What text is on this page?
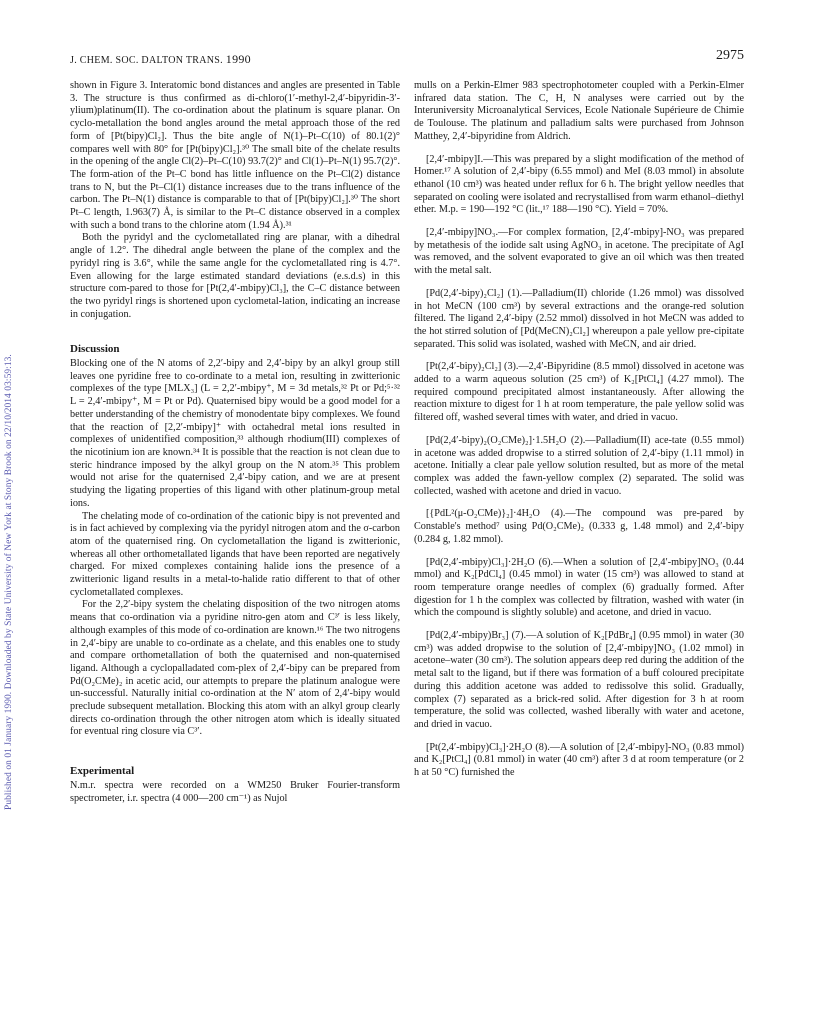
Published on 01 January 1990. Downloaded by State University of New York at Stony Brook on 22/10/2014 03:59:13.
J. CHEM. SOC. DALTON TRANS. 1990	2975

shown in Figure 3. Interatomic bond distances and angles are presented in Table 3. The structure is thus confirmed as di-chloro(1′-methyl-2,4′-bipyridin-3′-ylium)platinum(II). The co-ordination about the platinum is square planar. On cyclo-metallation the bond angles around the metal approach those of the red form of [Pt(bipy)Cl₂]. Thus the bite angle of N(1)–Pt–C(10) of 80.1(2)° compares well with 80° for [Pt(bipy)Cl₂].³⁰ The small bite of the chelate results in the opening of the angle Cl(2)–Pt–C(10) 93.7(2)° and Cl(1)–Pt–N(1) 95.7(2)°. The form-ation of the Pt–C bond has little influence on the Pt–Cl(2) distance trans to N, but the Pt–Cl(1) distance increases due to the trans influence of the carbon. The Pt–N(1) distance is comparable to that of [Pt(bipy)Cl₂].³⁰ The short Pt–C length, 1.963(7) Å, is similar to the Pt–C distance observed in a complex with such a bond trans to the chlorine atom (1.94 Å).³¹

Both the pyridyl and the cyclometallated ring are planar, with a dihedral angle of 1.2°. The dihedral angle between the plane of the complex and the pyridyl ring is 3.6°, while the same angle for the cyclometallated ring is 4.7°. Even allowing for the large estimated standard deviations (e.s.d.s) in this structure com-pared to those for [Pt(2,4′-mbipy)Cl₃], the C–C distance between the two pyridyl rings is shortened upon cyclometal-lation, indicating an increase in conjugation.

Discussion

Blocking one of the N atoms of 2,2′-bipy and 2,4′-bipy by an alkyl group still leaves one pyridine free to co-ordinate to a metal ion, resulting in zwitterionic complexes of the type [MLX₃] (L = 2,2′-mbipy⁺, M = 3d metals,³² Pt or Pd;⁵·³² L = 2,4′-mbipy⁺, M = Pt or Pd). Quaternised bipy would be a good model for a better understanding of the chemistry of monodentate bipy complexes. We found that the reaction of [2,2′-mbipy]⁺ with octahedral metal ions resulted in complexes of unidentified composition,³³ although rhodium(III) complexes of the nicotinium ion are known.³⁴ It is possible that the reaction is not clean due to steric hindrance imposed by the alkyl group on the N atom.³⁵ This problem would not arise for the quaternised 2,4′-bipy cation, and we are at present studying the ligating properties of this ligand with other platinum-group metal ions.

The chelating mode of co-ordination of the cationic bipy is not prevented and is in fact achieved by complexing via the pyridyl nitrogen atom and the σ-carbon atom of the quaternised ring. On cyclometallation the ligand is zwitterionic, whereas all other orthometallated ligands that have been reported are negatively charged. For mixed complexes containing halide ions the presence of a zwitterionic ligand results in a metal-to-halide ratio different to that of other cyclometallated complexes.

For the 2,2′-bipy system the chelating disposition of the two nitrogen atoms means that co-ordination via a pyridine nitro-gen atom and C³′ is less likely, although examples of this mode of co-ordination are known.¹⁶ The two nitrogens in 2,4′-bipy are unable to co-ordinate as a chelate, and this enables one to study and compare orthometallation of both the quaternised and non-quaternised ligand. Although a cyclopalladated com-plex of 2,4′-bipy can be prepared from Pd(O₂CMe)₂ in acetic acid, our attempts to prepare the platinum analogue were un-successful. Naturally initial co-ordination at the N′ atom of 2,4′-bipy would preclude subsequent metallation. Blocking this atom with an alkyl group clearly directs co-ordination through the other nitrogen atom which is ideally situated for eventual ring closure via C³′.

Experimental

N.m.r. spectra were recorded on a WM250 Bruker Fourier-transform spectrometer, i.r. spectra (4 000—200 cm⁻¹) as Nujol

mulls on a Perkin-Elmer 983 spectrophotometer coupled with a Perkin-Elmer infrared data station. The C, H, N analyses were carried out by the Interuniversity Microanalytical Services, Ecole Nationale Supérieure de Chimie de Toulouse. The platinum and palladium salts were purchased from Johnson Matthey, 2,4′-bipyridine from Aldrich.

[2,4′-mbipy]I.—This was prepared by a slight modification of the method of Homer.¹⁷ A solution of 2,4′-bipy (6.55 mmol) and MeI (8.03 mmol) in absolute ethanol (10 cm³) was heated under reflux for 6 h. The bright yellow needles that separated on cooling were isolated and recrystallised from warm ethanol–diethyl ether. M.p. = 190—192 °C (lit.,¹⁷ 188—190 °C). Yield = 70%.

[2,4′-mbipy]NO₃.—For complex formation, [2,4′-mbipy]-NO₃ was prepared by metathesis of the iodide salt using AgNO₃ in acetone. The precipitate of AgI was removed, and the solvent evaporated to give an oil which was then treated with the metal salt.

[Pd(2,4′-bipy)₂Cl₂] (1).—Palladium(II) chloride (1.26 mmol) was dissolved in hot MeCN (100 cm³) by several extractions and the orange-red solution filtered. The ligand 2,4′-bipy (2.52 mmol) dissolved in hot MeCN was added to the hot stirred solution of [Pd(MeCN)₂Cl₂] whereupon a pale yellow pre-cipitate separated. This solid was isolated, washed with MeCN, and air dried.

[Pt(2,4′-bipy)₂Cl₂] (3).—2,4′-Bipyridine (8.5 mmol) dissolved in acetone was added to a warm aqueous solution (25 cm³) of K₂[PtCl₄] (4.27 mmol). The required compound precipitated almost instantaneously. After allowing the reaction mixture to digest for 1 h at room temperature, the pale yellow solid was filtered off, washed several times with water, and dried in vacuo.

[Pd(2,4′-bipy)₂(O₂CMe)₂]·1.5H₂O (2).—Palladium(II) ace-tate (0.55 mmol) in acetone was added dropwise to a stirred solution of 2,4′-bipy (1.11 mmol) in acetone. Initially a clear pale yellow solution resulted, but as more of the metal complex was added the fawn-yellow complex (2) separated. The solid was collected, washed with acetone and dried in vacuo.

[{PdL²(μ-O₂CMe)}₂]·4H₂O (4).—The compound was pre-pared by Constable's method⁷ using Pd(O₂CMe)₂ (0.333 g, 1.48 mmol) and 2,4′-bipy (0.284 g, 1.82 mmol).

[Pd(2,4′-mbipy)Cl₃]·2H₂O (6).—When a solution of [2,4′-mbipy]NO₃ (0.44 mmol) and K₂[PdCl₄] (0.45 mmol) in water (15 cm³) was allowed to stand at room temperature orange needles of complex (6) gradually formed. After digestion for 1 h the complex was collected by filtration, washed with water (in which the compound is slightly soluble) and acetone, and dried in vacuo.

[Pd(2,4′-mbipy)Br₃] (7).—A solution of K₂[PdBr₄] (0.95 mmol) in water (30 cm³) was added dropwise to the solution of [2,4′-mbipy]NO₃ (1.02 mmol) in acetone–water (30 cm³). The solution appears deep red during the addition of the metal salt to the ligand, but if there was formation of a buff coloured precipitate during this addition acetone was added to redissolve this solid. Gradually, complex (7) separated as a brick-red solid. After digestion for 3 h at room temperature, the solid was collected, washed liberally with water and acetone, and dried in vacuo.

[Pt(2,4′-mbipy)Cl₃]·2H₂O (8).—A solution of [2,4′-mbipy]-NO₃ (0.83 mmol) and K₂[PtCl₄] (0.81 mmol) in water (40 cm³) after 3 d at room temperature (or 2 h at 50 °C) furnished the
